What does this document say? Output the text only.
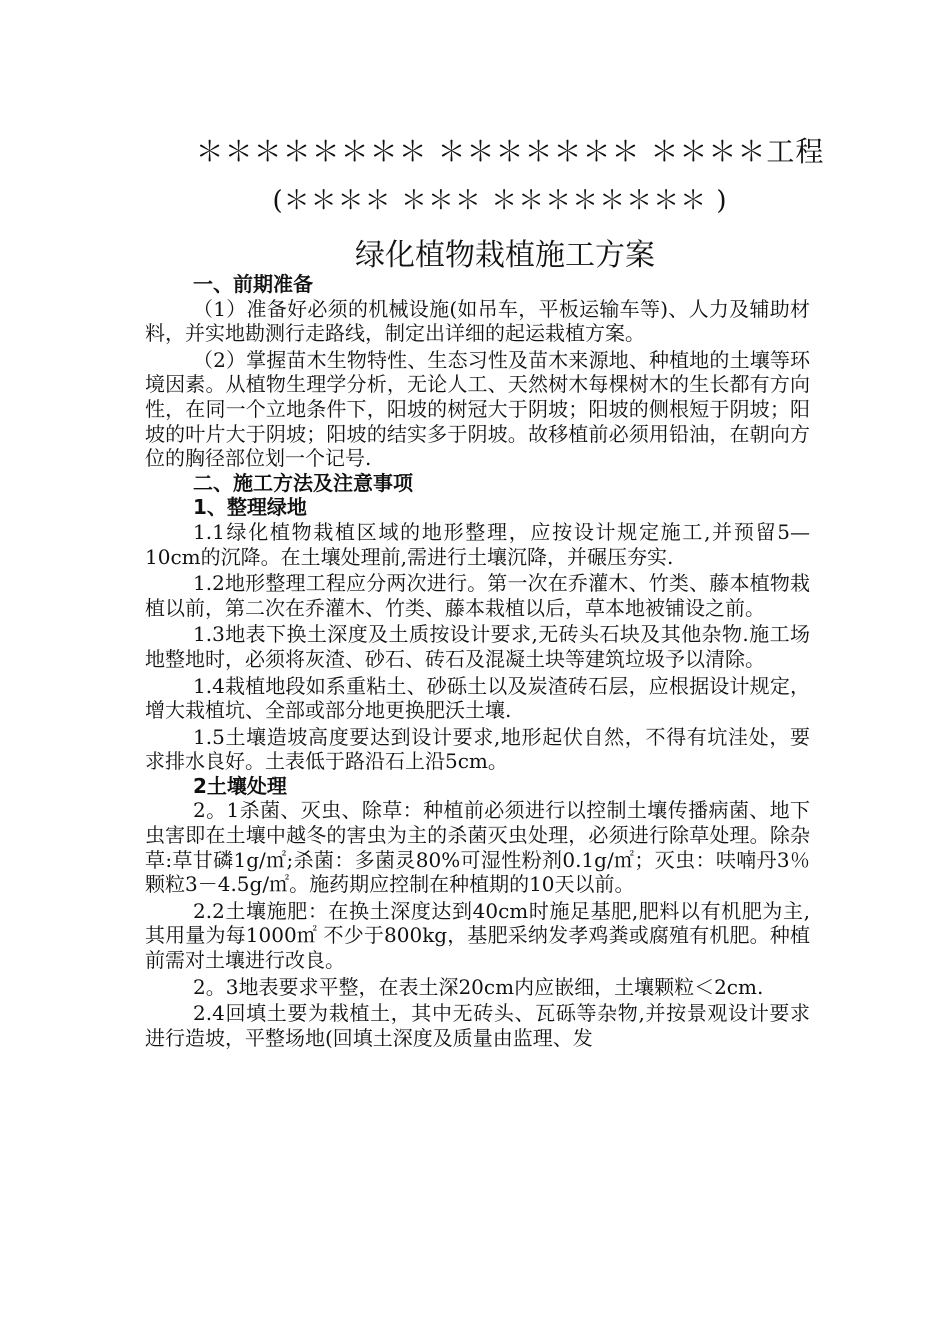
＊＊＊＊＊＊＊＊ ＊＊＊＊＊＊＊ ＊＊＊＊工程
(＊＊＊＊ ＊＊＊ ＊＊＊＊＊＊＊＊ )
绿化植物栽植施工方案
一、前期准备
（1）准备好必须的机械设施(如吊车，平板运输车等)、人力及辅助材料，并实地勘测行走路线，制定出详细的起运栽植方案。
（2）掌握苗木生物特性、生态习性及苗木来源地、种植地的土壤等环境因素。从植物生理学分析，无论人工、天然树木每棵树木的生长都有方向性，在同一个立地条件下，阳坡的树冠大于阴坡；阳坡的侧根短于阴坡；阳坡的叶片大于阴坡；阳坡的结实多于阴坡。故移植前必须用铅油，在朝向方位的胸径部位划一个记号.
二、施工方法及注意事项
1、整理绿地
1.1绿化植物栽植区域的地形整理，应按设计规定施工,并预留5—10cm的沉降。在土壤处理前,需进行土壤沉降，并碾压夯实.
1.2地形整理工程应分两次进行。第一次在乔灌木、竹类、藤本植物栽植以前，第二次在乔灌木、竹类、藤本栽植以后，草本地被铺设之前。
1.3地表下换土深度及土质按设计要求,无砖头石块及其他杂物.施工场地整地时，必须将灰渣、砂石、砖石及混凝土块等建筑垃圾予以清除。
1.4栽植地段如系重粘土、砂砾土以及炭渣砖石层，应根据设计规定，增大栽植坑、全部或部分地更换肥沃土壤.
1.5土壤造坡高度要达到设计要求,地形起伏自然，不得有坑洼处，要求排水良好。土表低于路沿石上沿5cm。
2土壤处理
2。1杀菌、灭虫、除草：种植前必须进行以控制土壤传播病菌、地下虫害即在土壤中越冬的害虫为主的杀菌灭虫处理，必须进行除草处理。除杂草:草甘磷1g/㎡;杀菌：多菌灵80%可湿性粉剂0.1g/㎡；灭虫：呋喃丹3％颗粒3－4.5g/㎡。施药期应控制在种植期的10天以前。
2.2土壤施肥：在换土深度达到40cm时施足基肥,肥料以有机肥为主,其用量为每1000㎡ 不少于800kg，基肥采纳发孝鸡粪或腐殖有机肥。种植前需对土壤进行改良。
2。3地表要求平整，在表土深20cm内应嵌细，土壤颗粒＜2cm.
2.4回填土要为栽植土，其中无砖头、瓦砾等杂物,并按景观设计要求进行造坡，平整场地(回填土深度及质量由监理、发
